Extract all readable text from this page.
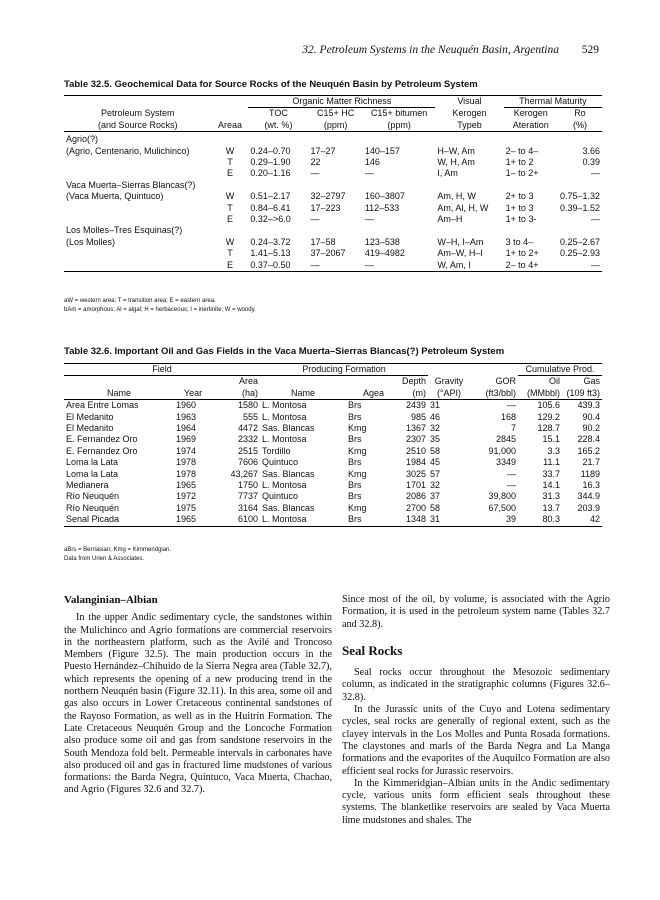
32. Petroleum Systems in the Neuquén Basin, Argentina 529
Table 32.5. Geochemical Data for Source Rocks of the Neuquén Basin by Petroleum System
		Organic Matter Richness			Visual	Thermal Maturity	
Petroleum System		TOC	C15+ HC	C15+ bitumen	Kerogen	Kerogen	Ro
(and Source Rocks)	Areaa	(wt. %)	(ppm)	(ppm)	Typeb	Ateration	(%)
Agrio(?)							
(Agrio, Centenario, Mulichinco)	W	0.24–0.70	17–27	140–157	H–W, Am	2– to 4–	3.66
	T	0.29–1.90	22	146	W, H, Am	1+ to 2	0.39
	E	0.20–1.16	—	—	I, Am	1– to 2+	—
Vaca Muerta–Sierras Blancas(?)							
(Vaca Muerta, Quintuco)	W	0.51–2.17	32–2797	160–3807	Am, H, W	2+ to 3	0.75–1.32
	T	0.84–6.41	17–223	112–533	Am, Al, H, W	1+ to 3	0.39–1.52
	E	0.32–>6.0	—	—	Am–H	1+ to 3-	—
Los Molles–Tres Esquinas(?)							
(Los Molles)	W	0.24–3.72	17–58	123–538	W–H, I–Am	3 to 4–	0.25–2.67
	T	1.41–5.13	37–2067	419–4982	Am–W, H–I	1+ to 2+	0.25–2.93
	E	0.37–0.50	—	—	W, Am, I	2– to 4+	—
aW = western area; T = transition area; E = eastern area.
bAm = amorphous; Al = algal; H = herbaceous; I = inertinite; W = woody.
Table 32.6. Important Oil and Gas Fields in the Vaca Muerta–Sierras Blancas(?) Petroleum System
Field			Producing Formation					Cumulative Prod.	
		Area			Depth	Gravity	GOR	Oil	Gas
Name	Year	(ha)	Name	Agea	(m)	(°API)	(ft3/bbl)	(MMbbl)	(109 ft3)
Area Entre Lomas	1960	1580	L. Montosa	Brs	2439	31	—	105.6	439.3
El Medanito	1963	555	L. Montosa	Brs	985	46	168	129.2	90.4
El Medanito	1964	4472	Sas. Blancas	Kmg	1367	32	7	128.7	90.2
E. Fernandez Oro	1969	2332	L. Montosa	Brs	2307	35	2845	15.1	228.4
E. Fernandez Oro	1974	2515	Tordillo	Kmg	2510	58	91,000	3.3	165.2
Loma la Lata	1978	7606	Quintuco	Brs	1984	45	3349	11.1	21.7
Loma la Lata	1978	43,267	Sas. Blancas	Kmg	3025	57	—	33.7	1189
Medianera	1965	1750	L. Montosa	Brs	1701	32	—	14.1	16.3
Río Neuquén	1972	7737	Quintuco	Brs	2086	37	39,800	31.3	344.9
Río Neuquén	1975	3164	Sas. Blancas	Kmg	2700	58	67,500	13.7	203.9
Senal Picada	1965	6100	L. Montosa	Brs	1348	31	39	80.3	42
aBrs = Berriasian; Kmg = Kimmeridgian.
Data from Urien & Associates.
Valanginian–Albian

In the upper Andic sedimentary cycle, the sandstones within the Mulichinco and Agrio formations are commercial reservoirs in the northeastern platform, such as the Avilé and Troncoso Members (Figure 32.5). The main production occurs in the Puesto Hernández–Chihuido de la Sierra Negra area (Table 32.7), which represents the opening of a new producing trend in the northern Neuquén basin (Figure 32.11). In this area, some oil and gas also occurs in Lower Cretaceous continental sandstones of the Rayoso Formation, as well as in the Huitrín Formation. The Late Cretaceous Neuquén Group and the Loncoche Formation also produce some oil and gas from sandstone reservoirs in the South Mendoza fold belt. Permeable intervals in carbonates have also produced oil and gas in fractured lime mudstones of various formations: the Barda Negra, Quintuco, Vaca Muerta, Chachao, and Agrio (Figures 32.6 and 32.7).

Since most of the oil, by volume, is associated with the Agrio Formation, it is used in the petroleum system name (Tables 32.7 and 32.8).

Seal Rocks

Seal rocks occur throughout the Mesozoic sedimentary column, as indicated in the stratigraphic columns (Figures 32.6–32.8).

In the Jurassic units of the Cuyo and Lotena sedimentary cycles, seal rocks are generally of regional extent, such as the clayey intervals in the Los Molles and Punta Rosada formations. The claystones and marls of the Barda Negra and La Manga formations and the evaporites of the Auquilco Formation are also efficient seal rocks for Jurassic reservoirs.

In the Kimmeridgian–Albian units in the Andic sedimentary cycle, various units form efficient seals throughout these systems. The blanketlike reservoirs are sealed by Vaca Muerta lime mudstones and shales. The
